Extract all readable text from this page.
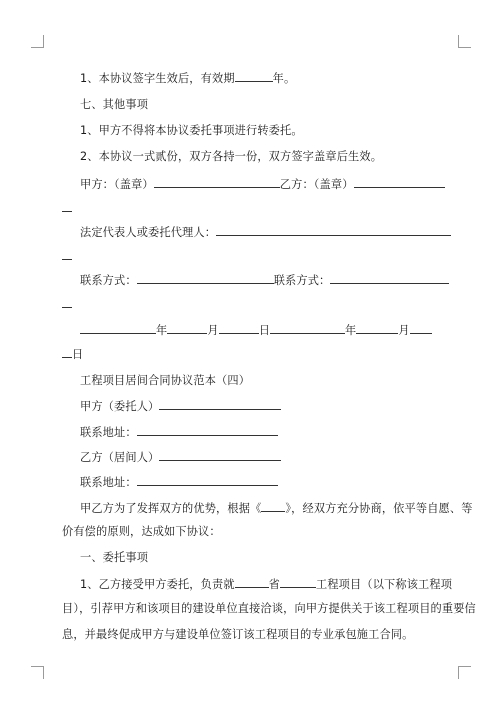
1、本协议签字生效后，有效期	年。
七、其他事项
1、甲方不得将本协议委托事项进行转委托。
2、本协议一式贰份，双方各持一份，双方签字盖章后生效。
甲方：（盖章）	乙方：（盖章）
法定代表人或委托代理人：
联系方式：	联系方式：
年	月	日	年	月
日
工程项目居间合同协议范本（四）
甲方（委托人）
联系地址：
乙方（居间人）
联系地址：
甲乙方为了发挥双方的优势，根据《 》，经双方充分协商，依平等自愿、等
价有偿的原则，达成如下协议：
一、委托事项
1、乙方接受甲方委托，负责就	省	工程项目（以下称该工程项
目），引荐甲方和该项目的建设单位直接洽谈，向甲方提供关于该工程项目的重要信
息，并最终促成甲方与建设单位签订该工程项目的专业承包施工合同。
